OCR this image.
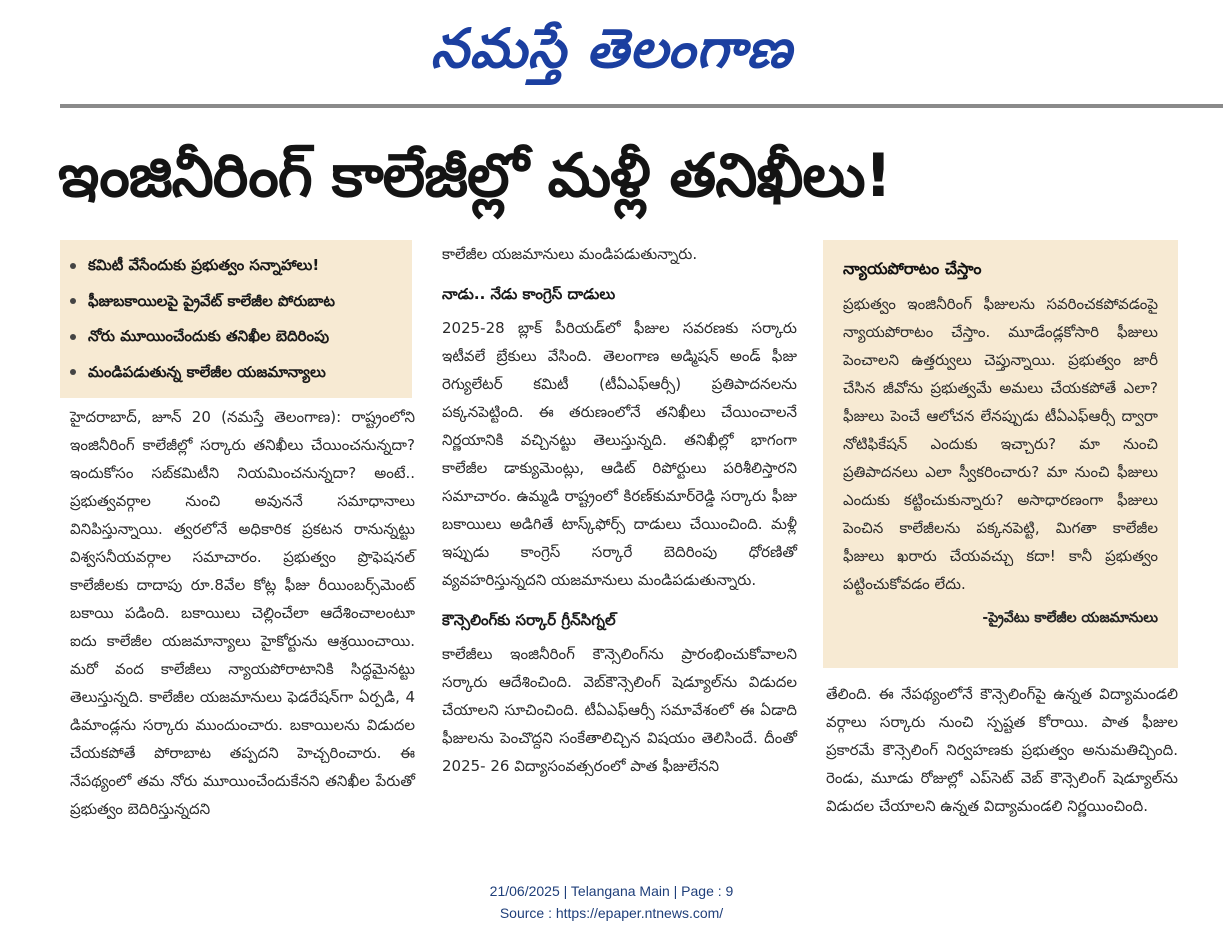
నమస్తే తెలంగాణ
ఇంజినీరింగ్ కాలేజీల్లో మళ్లీ తనిఖీలు!
కమిటీ వేసేందుకు ప్రభుత్వం సన్నాహాలు!
ఫీజుబకాయిలపై ప్రైవేట్ కాలేజీల పోరుబాట
నోరు మూయించేందుకు తనిఖీల బెదిరింపు
మండిపడుతున్న కాలేజీల యజమాన్యాలు

హైదరాబాద్, జూన్ 20 (నమస్తే తెలంగాణ): రాష్ట్రంలోని ఇంజినీరింగ్ కాలేజీల్లో సర్కారు తనిఖీలు చేయించనున్నదా? ఇందుకోసం సబ్‌కమిటీని నియమించనున్నదా? అంటే.. ప్రభుత్వవర్గాల నుంచి అవుననే సమాధానాలు వినిపిస్తున్నాయి. త్వరలోనే అధికారిక ప్రకటన రానున్నట్టు విశ్వసనీయవర్గాల సమాచారం. ప్రభుత్వం ప్రొఫెషనల్ కాలేజీలకు దాదాపు రూ.8వేల కోట్ల ఫీజు రీయింబర్స్‌మెంట్ బకాయి పడింది. బకాయిలు చెల్లించేలా ఆదేశించాలంటూ ఐదు కాలేజీల యజమాన్యాలు హైకోర్టును ఆశ్రయించాయి. మరో వంద కాలేజీలు న్యాయపోరాటానికి సిద్ధమైనట్టు తెలుస్తున్నది. కాలేజీల యజమానులు ఫెడరేషన్‌గా ఏర్పడి, 4 డిమాండ్లను సర్కారు ముందుంచారు. బకాయిలను విడుదల చేయకపోతే పోరాబాట తప్పదని హెచ్చరించారు. ఈ నేపథ్యంలో తమ నోరు మూయించేందుకేనని తనిఖీల పేరుతో ప్రభుత్వం బెదిరిస్తున్నదని

కాలేజీల యజమానులు మండిపడుతున్నారు.

నాడు.. నేడు కాంగ్రెస్ దాడులు

2025-28 బ్లాక్ పీరియడ్‌లో ఫీజుల సవరణకు సర్కారు ఇటీవలే బ్రేకులు వేసింది. తెలంగాణ అడ్మిషన్ అండ్ ఫీజు రెగ్యులేటర్ కమిటీ (టీఏఎఫ్‌ఆర్సీ) ప్రతిపాదనలను పక్కనపెట్టింది. ఈ తరుణంలోనే తనిఖీలు చేయించాలనే నిర్ణయానికి వచ్చినట్టు తెలుస్తున్నది. తనిఖీల్లో భాగంగా కాలేజీల డాక్యుమెంట్లు, ఆడిట్ రిపోర్టులు పరిశీలిస్తారని సమాచారం. ఉమ్మడి రాష్ట్రంలో కిరణ్‌కుమార్‌రెడ్డి సర్కారు ఫీజు బకాయిలు అడిగితే టాస్క్‌ఫోర్స్ దాడులు చేయించింది. మళ్లీ ఇప్పుడు కాంగ్రెస్ సర్కారే బెదిరింపు ధోరణితో వ్యవహరిస్తున్నదని యజమానులు మండిపడుతున్నారు.

కౌన్సెలింగ్‌కు సర్కార్ గ్రీన్‌సిగ్నల్

కాలేజీలు ఇంజినీరింగ్ కౌన్సెలింగ్‌ను ప్రారంభించుకోవాలని సర్కారు ఆదేశించింది. వెబ్‌కౌన్సెలింగ్ షెడ్యూల్‌ను విడుదల చేయాలని సూచించింది. టీఏఎఫ్‌ఆర్సీ సమావేశంలో ఈ ఏడాది ఫీజులను పెంచొద్దని సంకేతాలిచ్చిన విషయం తెలిసిందే. దీంతో 2025- 26 విద్యాసంవత్సరంలో పాత ఫీజులేనని

న్యాయపోరాటం చేస్తాం

ప్రభుత్వం ఇంజినీరింగ్ ఫీజులను సవరించకపోవడంపై న్యాయపోరాటం చేస్తాం. మూడేండ్లకోసారి ఫీజులు పెంచాలని ఉత్తర్వులు చెప్తున్నాయి. ప్రభుత్వం జారీ చేసిన జీవోను ప్రభుత్వమే అమలు చేయకపోతే ఎలా? ఫీజులు పెంచే ఆలోచన లేనప్పుడు టీఏఎఫ్‌ఆర్సీ ద్వారా నోటిఫికేషన్ ఎందుకు ఇచ్చారు? మా నుంచి ప్రతిపాదనలు ఎలా స్వీకరించారు? మా నుంచి ఫీజులు ఎందుకు కట్టించుకున్నారు? అసాధారణంగా ఫీజులు పెంచిన కాలేజీలను పక్కనపెట్టి, మిగతా కాలేజీల ఫీజులు ఖరారు చేయవచ్చు కదా! కానీ ప్రభుత్వం పట్టించుకోవడం లేదు.

-ప్రైవేటు కాలేజీల యజమానులు

తేలింది. ఈ నేపథ్యంలోనే కౌన్సెలింగ్‌పై ఉన్నత విద్యామండలి వర్గాలు సర్కారు నుంచి స్పష్టత కోరాయి. పాత ఫీజుల ప్రకారమే కౌన్సెలింగ్ నిర్వహణకు ప్రభుత్వం అనుమతిచ్చింది. రెండు, మూడు రోజుల్లో ఎప్‌సెట్ వెబ్ కౌన్సెలింగ్ షెడ్యూల్‌ను విడుదల చేయాలని ఉన్నత విద్యామండలి నిర్ణయించింది.

21/06/2025 | Telangana Main | Page : 9
Source : https://epaper.ntnews.com/
